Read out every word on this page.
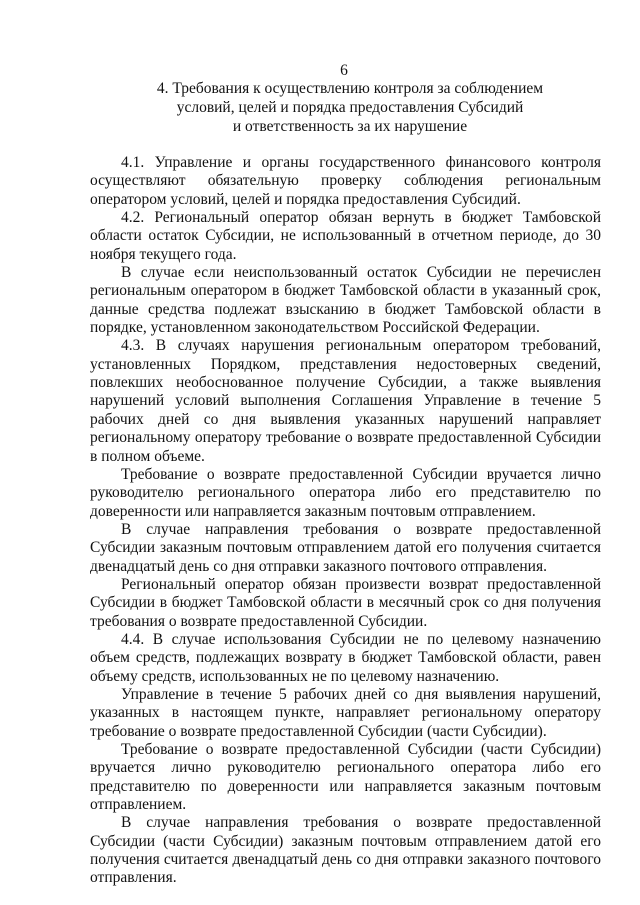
6
4. Требования к осуществлению контроля за соблюдением
условий, целей и порядка предоставления Субсидий
и ответственность за их нарушение

4.1. Управление и органы государственного финансового контроля осуществляют обязательную проверку соблюдения региональным оператором условий, целей и порядка предоставления Субсидий.

4.2. Региональный оператор обязан вернуть в бюджет Тамбовской области остаток Субсидии, не использованный в отчетном периоде, до 30 ноября текущего года.

В случае если неиспользованный остаток Субсидии не перечислен региональным оператором в бюджет Тамбовской области в указанный срок, данные средства подлежат взысканию в бюджет Тамбовской области в порядке, установленном законодательством Российской Федерации.

4.3. В случаях нарушения региональным оператором требований, установленных Порядком, представления недостоверных сведений, повлекших необоснованное получение Субсидии, а также выявления нарушений условий выполнения Соглашения Управление в течение 5 рабочих дней со дня выявления указанных нарушений направляет региональному оператору требование о возврате предоставленной Субсидии в полном объеме.

Требование о возврате предоставленной Субсидии вручается лично руководителю регионального оператора либо его представителю по доверенности или направляется заказным почтовым отправлением.

В случае направления требования о возврате предоставленной Субсидии заказным почтовым отправлением датой его получения считается двенадцатый день со дня отправки заказного почтового отправления.

Региональный оператор обязан произвести возврат предоставленной Субсидии в бюджет Тамбовской области в месячный срок со дня получения требования о возврате предоставленной Субсидии.

4.4. В случае использования Субсидии не по целевому назначению объем средств, подлежащих возврату в бюджет Тамбовской области, равен объему средств, использованных не по целевому назначению.

Управление в течение 5 рабочих дней со дня выявления нарушений, указанных в настоящем пункте, направляет региональному оператору требование о возврате предоставленной Субсидии (части Субсидии).

Требование о возврате предоставленной Субсидии (части Субсидии) вручается лично руководителю регионального оператора либо его представителю по доверенности или направляется заказным почтовым отправлением.

В случае направления требования о возврате предоставленной Субсидии (части Субсидии) заказным почтовым отправлением датой его получения считается двенадцатый день со дня отправки заказного почтового отправления.
